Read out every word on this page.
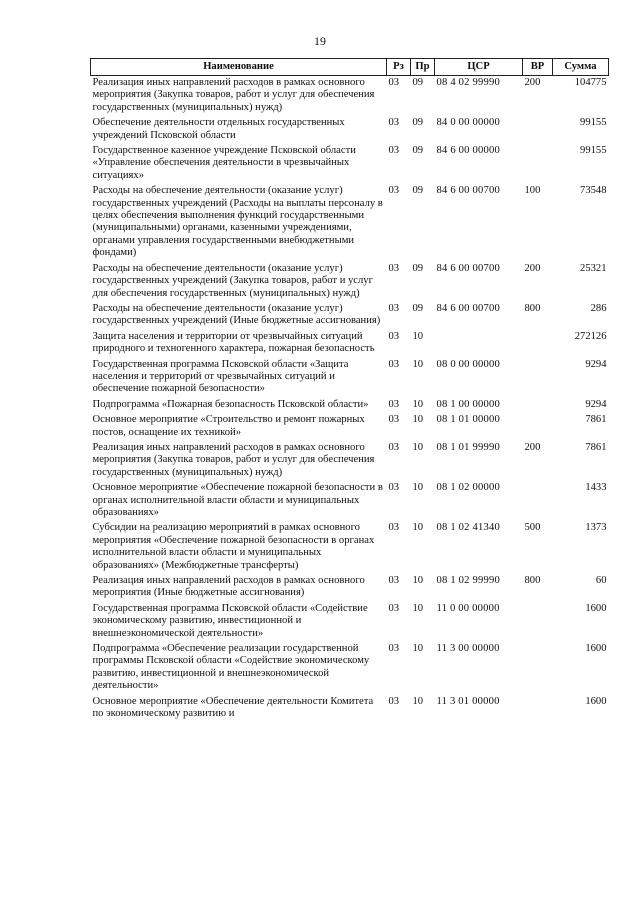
19
Наименование	Рз	Пр	ЦСР	ВР	Сумма
Реализация иных направлений расходов в рамках основного мероприятия (Закупка товаров, работ и услуг для обеспечения государственных (муниципальных) нужд)	03	09	08 4 02 99990	200	104775
Обеспечение деятельности отдельных государственных учреждений Псковской области	03	09	84 0 00 00000		99155
Государственное казенное учреждение Псковской области «Управление обеспечения деятельности в чрезвычайных ситуациях»	03	09	84 6 00 00000		99155
Расходы на обеспечение деятельности (оказание услуг) государственных учреждений (Расходы на выплаты персоналу в целях обеспечения выполнения функций государственными (муниципальными) органами, казенными учреждениями, органами управления государственными внебюджетными фондами)	03	09	84 6 00 00700	100	73548
Расходы на обеспечение деятельности (оказание услуг) государственных учреждений (Закупка товаров, работ и услуг для обеспечения государственных (муниципальных) нужд)	03	09	84 6 00 00700	200	25321
Расходы на обеспечение деятельности (оказание услуг) государственных учреждений (Иные бюджетные ассигнования)	03	09	84 6 00 00700	800	286
Защита населения и территории от чрезвычайных ситуаций природного и техногенного характера, пожарная безопасность	03	10			272126
Государственная программа Псковской области «Защита населения и территорий от чрезвычайных ситуаций и обеспечение пожарной безопасности»	03	10	08 0 00 00000		9294
Подпрограмма «Пожарная безопасность Псковской области»	03	10	08 1 00 00000		9294
Основное мероприятие «Строительство и ремонт пожарных постов, оснащение их техникой»	03	10	08 1 01 00000		7861
Реализация иных направлений расходов в рамках основного мероприятия (Закупка товаров, работ и услуг для обеспечения государственных (муниципальных) нужд)	03	10	08 1 01 99990	200	7861
Основное мероприятие «Обеспечение пожарной безопасности в органах исполнительной власти области и муниципальных образованиях»	03	10	08 1 02 00000		1433
Субсидии на реализацию мероприятий в рамках основного мероприятия «Обеспечение пожарной безопасности в органах исполнительной власти области и муниципальных образованиях» (Межбюджетные трансферты)	03	10	08 1 02 41340	500	1373
Реализация иных направлений расходов в рамках основного мероприятия (Иные бюджетные ассигнования)	03	10	08 1 02 99990	800	60
Государственная программа Псковской области «Содействие экономическому развитию, инвестиционной и внешнеэкономической деятельности»	03	10	11 0 00 00000		1600
Подпрограмма «Обеспечение реализации государственной программы Псковской области «Содействие экономическому развитию, инвестиционной и внешнеэкономической деятельности»	03	10	11 3 00 00000		1600
Основное мероприятие «Обеспечение деятельности Комитета по экономическому развитию и	03	10	11 3 01 00000		1600
